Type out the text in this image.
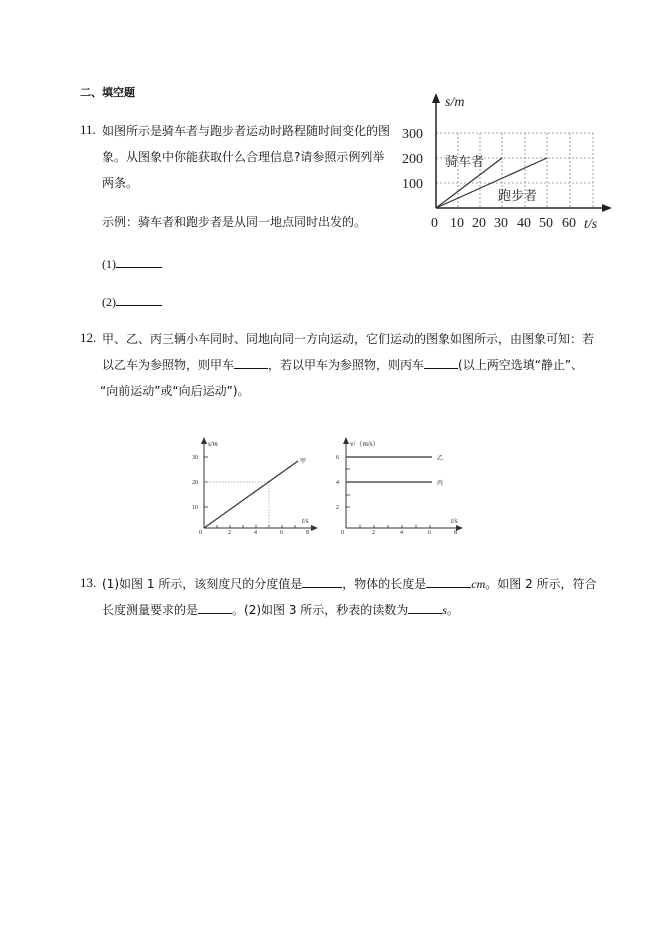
二、填空题
11. 如图所示是骑车者与跑步者运动时路程随时间变化的图
象。从图象中你能获取什么合理信息?请参照示例列举
两条。
示例：骑车者和跑步者是从同一地点同时出发的。
(1)
(2)
s/m
100
200
300
0 10 20 30 40 50 60 t/s
骑车者
跑步者
12. 甲、乙、丙三辆小车同时、同地向同一方向运动，它们运动的图象如图所示，由图象可知：若
以乙车为参照物，则甲车	，若以甲车为参照物，则丙车	(以上两空选填“静止”、
“向前运动”或“向后运动”)。
s/m
10
20
30
0	2	4	6	8
t/s
甲
v/（m/s）
2
4
6
0	2	4	6	8
t/s
乙
丙
13. (1)如图 1 所示，该刻度尺的分度值是	，物体的长度是	cm。如图 2 所示，符合
长度测量要求的是	。(2)如图 3 所示，秒表的读数为	s。
